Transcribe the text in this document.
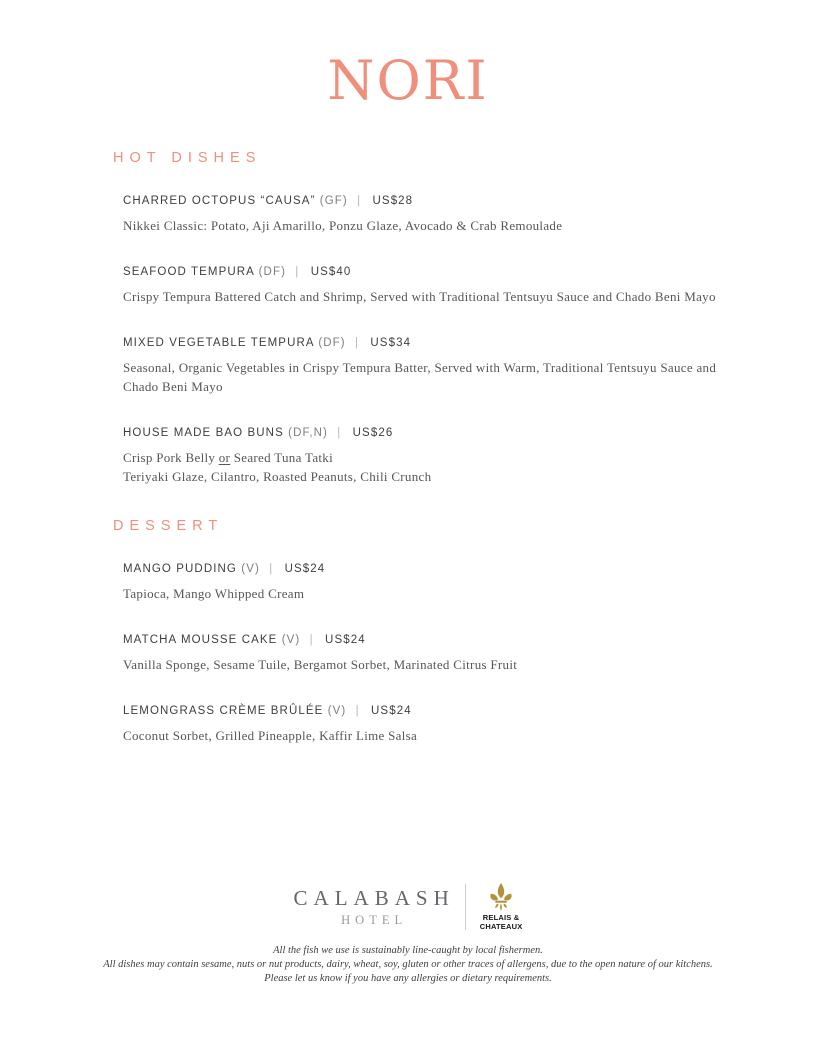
NORI
HOT DISHES
CHARRED OCTOPUS “CAUSA” (GF) | US$28

Nikkei Classic: Potato, Aji Amarillo, Ponzu Glaze, Avocado & Crab Remoulade

SEAFOOD TEMPURA (DF) | US$40

Crispy Tempura Battered Catch and Shrimp, Served with Traditional Tentsuyu Sauce and Chado Beni Mayo

MIXED VEGETABLE TEMPURA (DF) | US$34

Seasonal, Organic Vegetables in Crispy Tempura Batter, Served with Warm, Traditional Tentsuyu Sauce and

Chado Beni Mayo

HOUSE MADE BAO BUNS (DF,N) | US$26

Crisp Pork Belly or Seared Tuna Tatki

Teriyaki Glaze, Cilantro, Roasted Peanuts, Chili Crunch

DESSERT
MANGO PUDDING (V) | US$24

Tapioca, Mango Whipped Cream

MATCHA MOUSSE CAKE (V) | US$24

Vanilla Sponge, Sesame Tuile, Bergamot Sorbet, Marinated Citrus Fruit

LEMONGRASS CRÈME BRÛLÉE (V) | US$24

Coconut Sorbet, Grilled Pineapple, Kaffir Lime Salsa

CALABASH
HOTEL	RELAIS &
CHATEAUX
All the fish we use is sustainably line-caught by local fishermen.
All dishes may contain sesame, nuts or nut products, dairy, wheat, soy, gluten or other traces of allergens, due to the open nature of our kitchens.
Please let us know if you have any allergies or dietary requirements.
